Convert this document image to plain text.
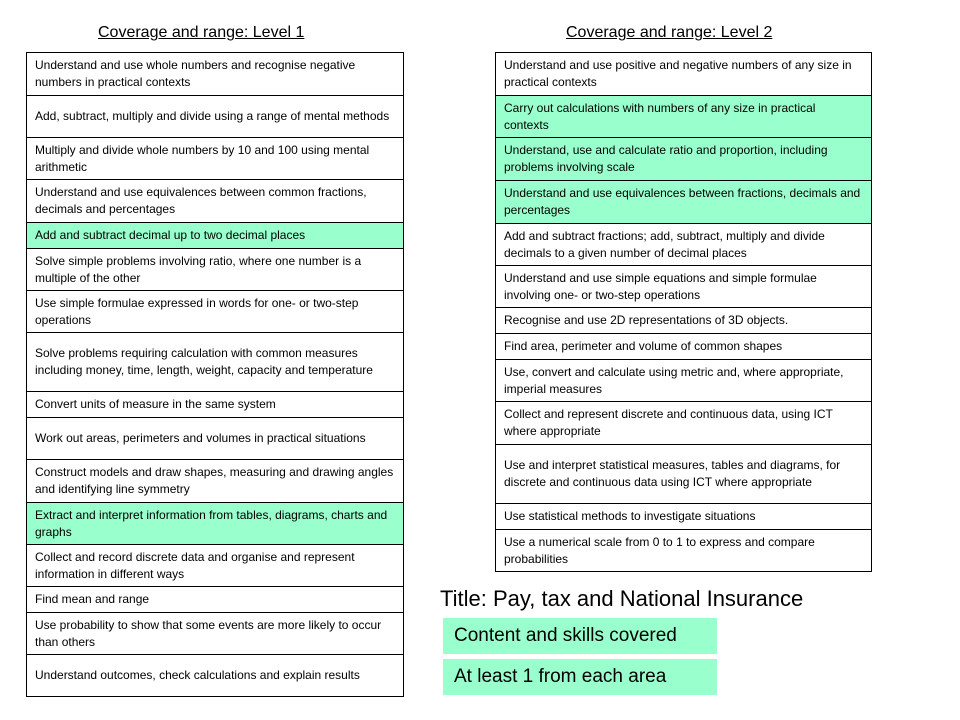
Coverage and range: Level 1	Coverage and range: Level 2
Understand and use whole numbers and recognise negative numbers in practical contexts
Add, subtract, multiply and divide using a range of mental methods
Multiply and divide whole numbers by 10 and 100 using mental arithmetic
Understand and use equivalences between common fractions, decimals and percentages
Add and subtract decimal up to two decimal places
Solve simple problems involving ratio, where one number is a multiple of the other
Use simple formulae expressed in words for one- or two-step operations
Solve problems requiring calculation with common measures including money, time, length, weight, capacity and temperature
Convert units of measure in the same system
Work out areas, perimeters and volumes in practical situations
Construct models and draw shapes, measuring and drawing angles and identifying line symmetry
Extract and interpret information from tables, diagrams, charts and graphs
Collect and record discrete data and organise and represent information in different ways
Find mean and range
Use probability to show that some events are more likely to occur than others
Understand outcomes, check calculations and explain results
Understand and use positive and negative numbers of any size in practical contexts
Carry out calculations with numbers of any size in practical contexts
Understand, use and calculate ratio and proportion, including problems involving scale
Understand and use equivalences between fractions, decimals and percentages
Add and subtract fractions; add, subtract, multiply and divide decimals to a given number of decimal places
Understand and use simple equations and simple formulae involving one- or two-step operations
Recognise and use 2D representations of 3D objects.
Find area, perimeter and volume of common shapes
Use, convert and calculate using metric and, where appropriate, imperial measures
Collect and represent discrete and continuous data, using ICT where appropriate
Use and interpret statistical measures, tables and diagrams, for discrete and continuous data using ICT where appropriate
Use statistical methods to investigate situations
Use a numerical scale from 0 to 1 to express and compare probabilities
Title: Pay, tax and National Insurance
Content and skills covered
At least 1 from each area
